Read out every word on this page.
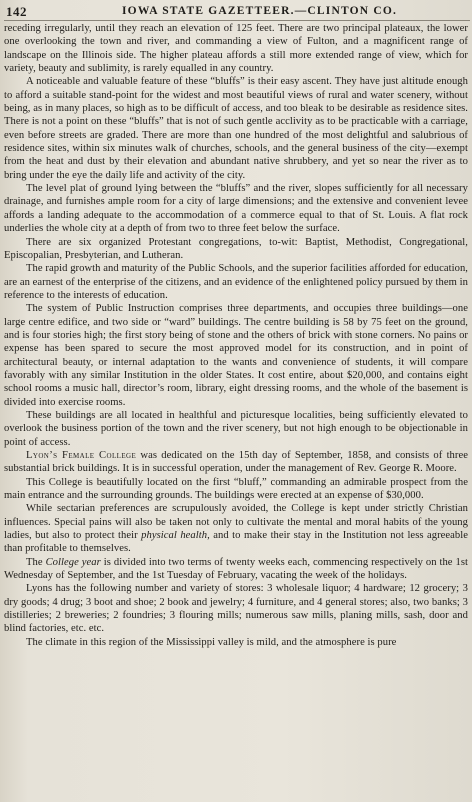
142	IOWA STATE GAZETTEER.—CLINTON CO.

receding irregularly, until they reach an elevation of 125 feet. There are two principal plateaux, the lower one overlooking the town and river, and commanding a view of Fulton, and a magnificent range of landscape on the Illinois side. The higher plateau affords a still more extended range of view, which for variety, beauty and sublimity, is rarely equalled in any country.

A noticeable and valuable feature of these “bluffs” is their easy ascent. They have just altitude enough to afford a suitable stand-point for the widest and most beautiful views of rural and water scenery, without being, as in many places, so high as to be difficult of access, and too bleak to be desirable as residence sites. There is not a point on these “bluffs” that is not of such gentle acclivity as to be practicable with a carriage, even before streets are graded. There are more than one hundred of the most delightful and salubrious of residence sites, within six minutes walk of churches, schools, and the general business of the city—exempt from the heat and dust by their elevation and abundant native shrubbery, and yet so near the river as to bring under the eye the daily life and activity of the city.

The level plat of ground lying between the “bluffs” and the river, slopes sufficiently for all necessary drainage, and furnishes ample room for a city of large dimensions; and the extensive and convenient levee affords a landing adequate to the accommodation of a commerce equal to that of St. Louis. A flat rock underlies the whole city at a depth of from two to three feet below the surface.

There are six organized Protestant congregations, to-wit: Baptist, Methodist, Congregational, Episcopalian, Presbyterian, and Lutheran.

The rapid growth and maturity of the Public Schools, and the superior facilities afforded for education, are an earnest of the enterprise of the citizens, and an evidence of the enlightened policy pursued by them in reference to the interests of education.

The system of Public Instruction comprises three departments, and occupies three buildings—one large centre edifice, and two side or “ward” buildings. The centre building is 58 by 75 feet on the ground, and is four stories high; the first story being of stone and the others of brick with stone corners. No pains or expense has been spared to secure the most approved model for its construction, and in point of architectural beauty, or internal adaptation to the wants and convenience of students, it will compare favorably with any similar Institution in the older States. It cost entire, about $20,000, and contains eight school rooms a music hall, director’s room, library, eight dressing rooms, and the whole of the basement is divided into exercise rooms.

These buildings are all located in healthful and picturesque localities, being sufficiently elevated to overlook the business portion of the town and the river scenery, but not high enough to be objectionable in point of access.

Lyon’s Female College was dedicated on the 15th day of September, 1858, and consists of three substantial brick buildings. It is in successful operation, under the management of Rev. George R. Moore.

This College is beautifully located on the first “bluff,” commanding an admirable prospect from the main entrance and the surrounding grounds. The buildings were erected at an expense of $30,000.

While sectarian preferences are scrupulously avoided, the College is kept under strictly Christian influences. Special pains will also be taken not only to cultivate the mental and moral habits of the young ladies, but also to protect their physical health, and to make their stay in the Institution not less agreeable than profitable to themselves.

The College year is divided into two terms of twenty weeks each, commencing respectively on the 1st Wednesday of September, and the 1st Tuesday of February, vacating the week of the holidays.

Lyons has the following number and variety of stores: 3 wholesale liquor; 4 hardware; 12 grocery; 3 dry goods; 4 drug; 3 boot and shoe; 2 book and jewelry; 4 furniture, and 4 general stores; also, two banks; 3 distilleries; 2 breweries; 2 foundries; 3 flouring mills; numerous saw mills, planing mills, sash, door and blind factories, etc. etc.

The climate in this region of the Mississippi valley is mild, and the atmosphere is pure
